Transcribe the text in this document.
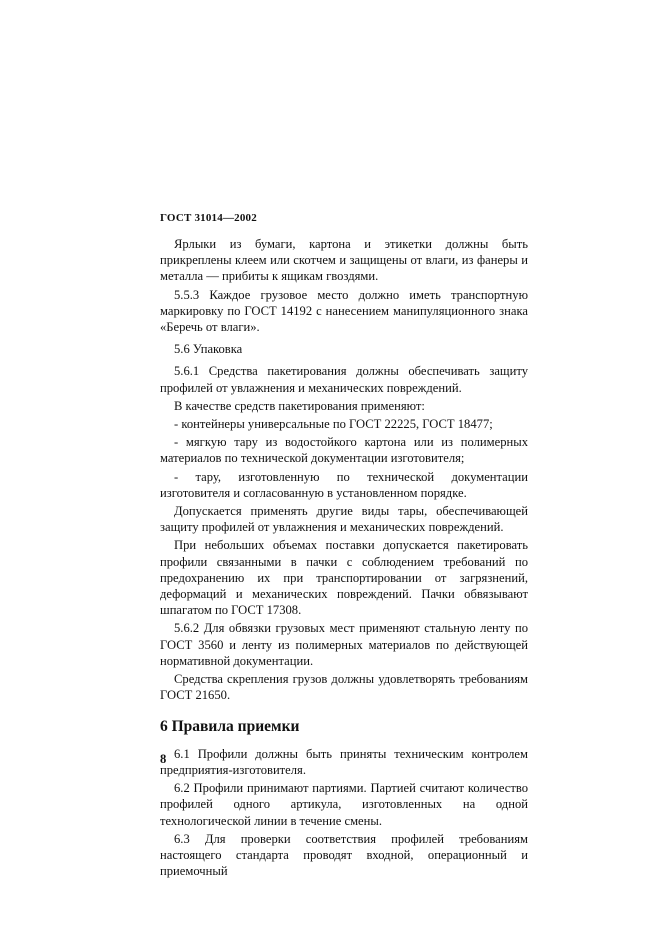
ГОСТ 31014—2002

Ярлыки из бумаги, картона и этикетки должны быть прикреплены клеем или скотчем и защищены от влаги, из фанеры и металла — прибиты к ящикам гвоздями.

5.5.3 Каждое грузовое место должно иметь транспортную маркировку по ГОСТ 14192 с нанесением манипуляционного знака «Беречь от влаги».

5.6 Упаковка

5.6.1 Средства пакетирования должны обеспечивать защиту профилей от увлажнения и механических повреждений.

В качестве средств пакетирования применяют:

- контейнеры универсальные по ГОСТ 22225, ГОСТ 18477;

- мягкую тару из водостойкого картона или из полимерных материалов по технической документации изготовителя;

- тару, изготовленную по технической документации изготовителя и согласованную в установленном порядке.

Допускается применять другие виды тары, обеспечивающей защиту профилей от увлажнения и механических повреждений.

При небольших объемах поставки допускается пакетировать профили связанными в пачки с соблюдением требований по предохранению их при транспортировании от загрязнений, деформаций и механических повреждений. Пачки обвязывают шпагатом по ГОСТ 17308.

5.6.2 Для обвязки грузовых мест применяют стальную ленту по ГОСТ 3560 и ленту из полимерных материалов по действующей нормативной документации.

Средства скрепления грузов должны удовлетворять требованиям ГОСТ 21650.

6 Правила приемки

6.1 Профили должны быть приняты техническим контролем предприятия-изготовителя.

6.2 Профили принимают партиями. Партией считают количество профилей одного артикула, изготовленных на одной технологической линии в течение смены.

6.3 Для проверки соответствия профилей требованиям настоящего стандарта проводят входной, операционный и приемочный

8
